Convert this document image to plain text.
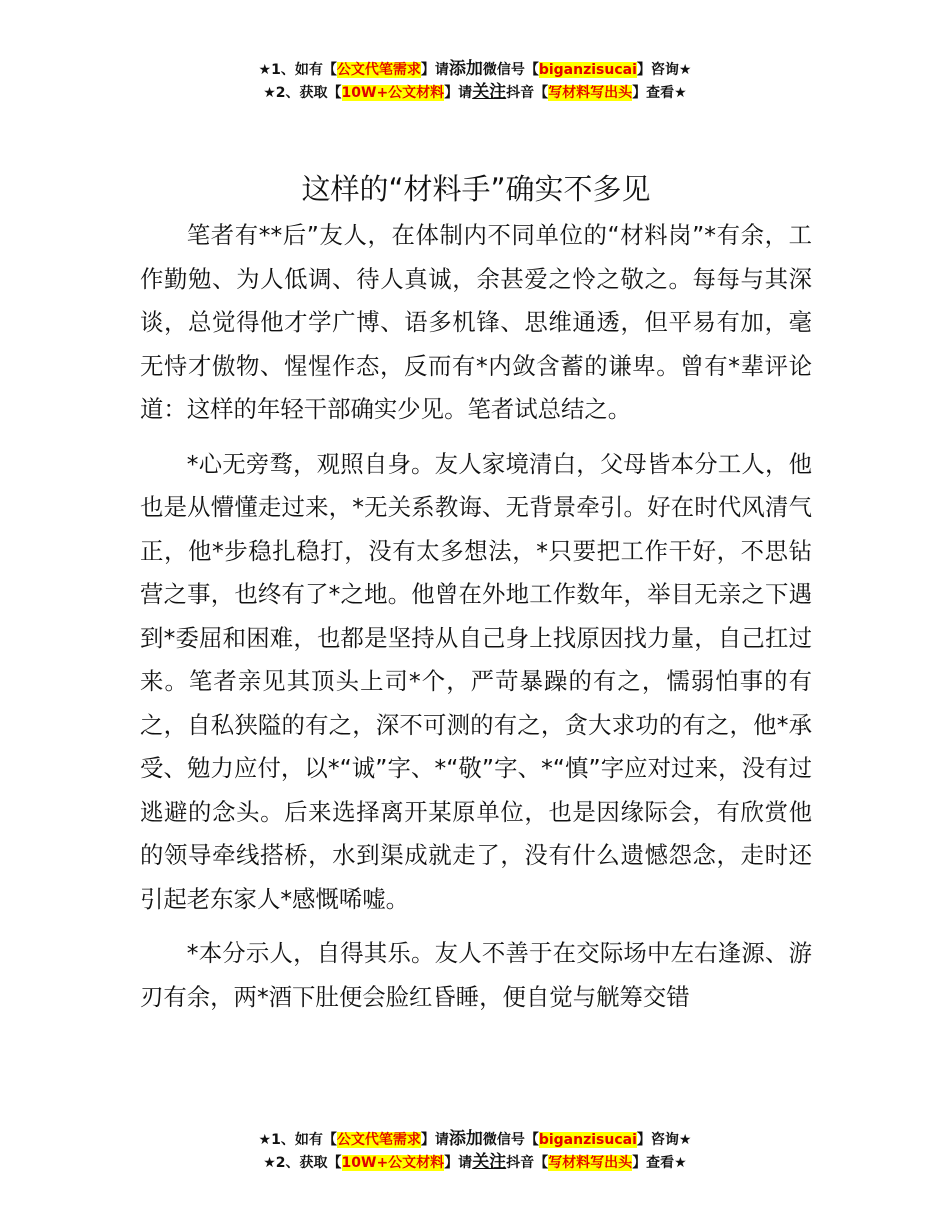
★1、如有【公文代笔需求】请添加微信号【biganzisucai】咨询★
★2、获取【10W+公文材料】请关注抖音【写材料写出头】查看★
这样的“材料手”确实不多见

笔者有**后”友人，在体制内不同单位的“材料岗”*有余，工作勤勉、为人低调、待人真诚，余甚爱之怜之敬之。每每与其深谈，总觉得他才学广博、语多机锋、思维通透，但平易有加，毫无恃才傲物、惺惺作态，反而有*内敛含蓄的谦卑。曾有*辈评论道：这样的年轻干部确实少见。笔者试总结之。

*心无旁骛，观照自身。友人家境清白，父母皆本分工人，他也是从懵懂走过来，*无关系教诲、无背景牵引。好在时代风清气正，他*步稳扎稳打，没有太多想法，*只要把工作干好，不思钻营之事，也终有了*之地。他曾在外地工作数年，举目无亲之下遇到*委屈和困难，也都是坚持从自己身上找原因找力量，自己扛过来。笔者亲见其顶头上司*个，严苛暴躁的有之，懦弱怕事的有之，自私狭隘的有之，深不可测的有之，贪大求功的有之，他*承受、勉力应付，以*“诚”字、*“敬”字、*“慎”字应对过来，没有过逃避的念头。后来选择离开某原单位，也是因缘际会，有欣赏他的领导牵线搭桥，水到渠成就走了，没有什么遗憾怨念，走时还引起老东家人*感慨唏嘘。

*本分示人，自得其乐。友人不善于在交际场中左右逢源、游刃有余，两*酒下肚便会脸红昏睡，便自觉与觥筹交错

★1、如有【公文代笔需求】请添加微信号【biganzisucai】咨询★
★2、获取【10W+公文材料】请关注抖音【写材料写出头】查看★
